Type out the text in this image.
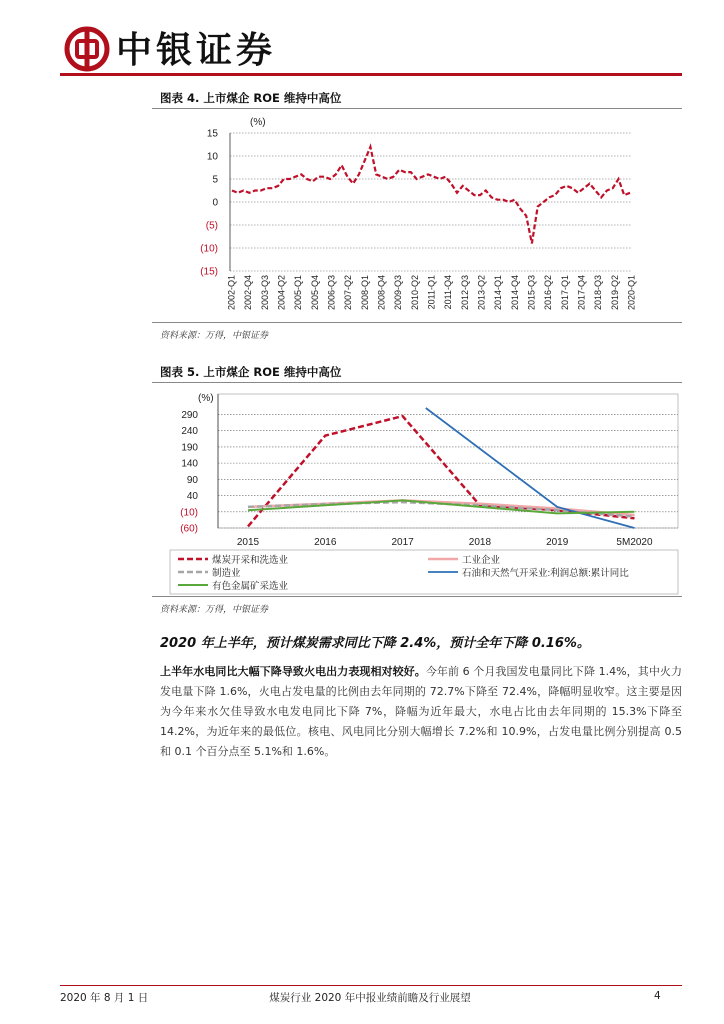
中银证券
图表 4. 上市煤企 ROE 维持中高位
(%)
15
10
5
0
(5)
(10)
(15)
2002-Q1 2002-Q4 2003-Q3 2004-Q2 2005-Q1 2005-Q4 2006-Q3 2007-Q2 2008-Q1 2008-Q4 2009-Q3 2010-Q2 2011-Q1 2011-Q4 2012-Q3 2013-Q2 2014-Q1 2014-Q4 2015-Q3 2016-Q2 2017-Q1 2017-Q4 2018-Q3 2019-Q2 2020-Q1
资料来源：万得，中银证券
图表 5. 上市煤企 ROE 维持中高位
(%)
290
240
190
140
90
40
(10)
(60)
2015	2016	2017	2018	2019	5M2020
煤炭开采和洗选业	工业企业
制造业	石油和天然气开采业:利润总额:累计同比
有色金属矿采选业
资料来源：万得，中银证券
2020 年上半年，预计煤炭需求同比下降 2.4%，预计全年下降 0.16%。
上半年水电同比大幅下降导致火电出力表现相对较好。今年前 6 个月我国发电量同比下降 1.4%，其中火力发电量下降 1.6%，火电占发电量的比例由去年同期的 72.7%下降至 72.4%，降幅明显收窄。这主要是因为今年来水欠佳导致水电发电同比下降 7%，降幅为近年最大，水电占比由去年同期的 15.3%下降至 14.2%，为近年来的最低位。核电、风电同比分别大幅增长 7.2%和 10.9%，占发电量比例分别提高 0.5 和 0.1 个百分点至 5.1%和 1.6%。
2020 年 8 月 1 日	煤炭行业 2020 年中报业绩前瞻及行业展望	4
